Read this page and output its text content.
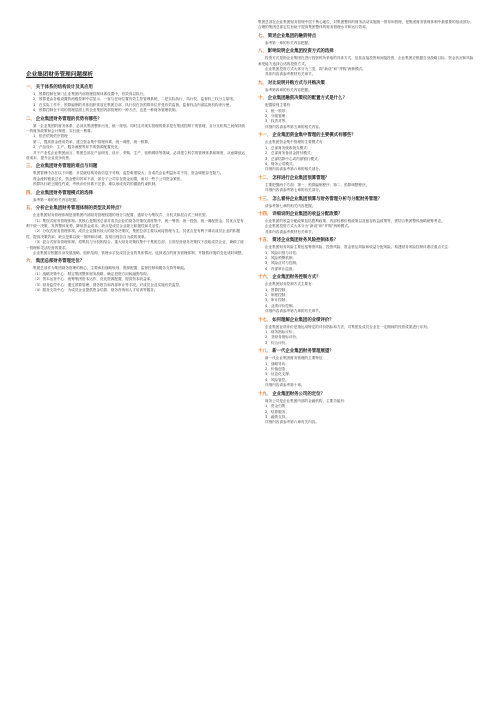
企业集团财务管理问题探析
一、关于体系的结构设计及其应用

1．预算控制在第门企业集团内部管理控制体系设置中，有效得以执行。

2．预算是由各级设置的两级控制中层显示，一直与任何位置有效主控管理系统，二是实际执行，执行权、监督权三权分立原则。

3．在实际工作中，预算编制的具体组织常放在集团总部，执行权在各预算单位并受有效监督，监督权由内部监督机构来行使。

4．预算控制在不同的管理层面上的企业集团内部管理的一种方法，也是一种财务管理机制。

二、企业集团财务管理的优势有哪些？

第一企业集团的财务体系，必须从集团整体出发，统一规划。同时这对现实管理的要求是在集团控制下的管理，各分支机构之间保持统一的财务政策和会计制度，实行统一核算。

1．依法依规依序管理

第二，提高资金使用效率，建立资金集中管理体系，统一调度，统一核算。

2．产品设计、生产、服务流程等环节的资源配置优化。

对于产业性企业集团而言，集团总部在产品研发、设计、采购、生产、营销网络等领域，必须建立科学的管理体系和制度，从而降低运营成本，提升企业竞争优势。

三、企业集团财务管理的难点与问题

集团管理中存在以下问题：多层级结构导致信息不对称，监控难度较大；各成员企业利益诉求不同，资金调配存在阻力。

资金流转链条过长，资金使用效率不高，部分子公司存在资金闲置，而另一些子公司资金紧张。

预算执行缺乏刚性约束，考核评价体系不完善，难以形成有效的激励约束机制。

四、企业集团财务管理模式的选择

参考第一章的有关内容把握。

五、分析企业集团财务管理体制的类型及其特点？

企业集团财务管理体制是指集团内部财务管理权限的划分与配置，通常分为集权式、分权式和混合式三种类型。

（1）集权式财务管理体制。其核心是集团总部对成员企业的财务决策权高度集中，统一筹资、统一投资、统一调配资金。其优点是有利于统一决策，发挥整体优势，降低资金成本；缺点是成员企业缺乏积极性和灵活性。

（2）分权式财务管理体制。成员企业拥有较大的财务决策权，集团总部主要以间接管理为主。其优点是有利于调动成员企业的积极性，提高决策效率；缺点是难以统一指挥和协调，容易出现各自为政的现象。

（3）混合式财务管理体制。将集权与分权相结合，重大财务决策权集中于集团总部，日常经营财务决策权下放给成员企业，兼顾了统一管理和灵活经营的要求。

企业集团应根据自身发展战略、组织结构、管理水平及成员企业的具体情况，选择适合的财务管理体制，并随着环境的变化适时调整。

六、集团总部财务管理定位？

集团总部作为集团财务管理的核心，主要承担战略规划、资源配置、监督控制和服务支持等职能。

（1）战略决策中心：制定集团整体财务战略，确定投资方向和融资结构。

（2）资本运营中心：统筹集团资本运作，优化资源配置，提高资本收益率。

（3）财务监控中心：通过预算管理、财务报告和内部审计等手段，对成员企业实施有效监控。

（4）服务支持中心：为成员企业提供资金结算、财务咨询和人才培训等服务。

集团总部在企业集团财务管理中居于核心地位，对集团整体的财务活动实施统一领导和管理，是集团财务管理体制中最重要的组成部分。合理的集团总部定位有助于提高集团整体的财务管理水平和运行效率。

七、简述企业集团的融资特点

参考第一章的有关内容把握。

八、影响说明企业集团投资方式的选择

投资方式是指企业集团在进行投资时所采取的具体方式，包括直接投资和间接投资，企业集团应根据自身战略目标、资金状况和风险承受能力选择合适的投资方式。

企业集团投资方式大体分为三类，即“新设”和“并购”两种模式。

具体内容请参考教材有关章节。

九、对比说明并购方式与并购决策

参考第四章的有关内容把握。

十、企业集团融资决策权的配置方式是什么？

配置原则主要有：

1．统一领导；

2．分级管理；

3．权责对等。

详细内容请参考第五章的相关内容。

十一、企业集团资金集中管理的主要模式有哪些？

企业集团资金集中管理的主要模式有：

1．总部财务统收统支模式；

2．总部财务备用金拨付模式；

3．总部结算中心或内部银行模式；

4．财务公司模式。

详细内容请参考第六章的相关部分。

十二、怎样进行企业集团预算管理？

主要把握两个方面：第一，预算编制程序；第二，预算调整程序。

详细内容请参考第七章的有关部分。

十三、怎么看待企业集团预算与财务管理分析与分配财务管理？

请参考第七章的相关内容把握。

十四、详细说明企业集团的收益分配政策？

企业集团的收益分配政策包括股利政策、内部转移价格政策以及留存收益政策等，需结合集团整体战略统筹考虑。

企业集团投资方式大体分为“新设”和“并购”两种模式。

具体内容请参考教材有关章节。

十五、简述企业集团财务风险控制体系？

企业集团财务风险主要包括筹资风险、投资风险、资金营运风险和收益分配风险。构建财务风险控制体系应重点关注：

1．风险识别与评估；

2．风险预警机制；

3．风险应对与控制；

4．内部审计监督。

十六、企业集团财务控制方式？

企业集团财务控制方式主要有：

1．预算控制；

2．制度控制；

3．审计控制；

4．业绩评价控制。

详细内容请参考第九章的有关章节。

十七、如何理解企业集团的业绩评价？

企业集团业绩评价是指运用特定的评价指标和方法，对集团及成员企业在一定期间的经营成果进行评判。

1．财务指标评价；

2．非财务指标评价；

3．综合评价。

十八、新一代企业集团财务管理展望？

新一代企业集团财务管理的主要特征：

1．战略导向；

2．价值创造；

3．信息化支撑；

4．风险管控。

详细内容请参考第十章。

十九、企业集团财务公司的定位？

财务公司是企业集团内部的金融机构，主要功能有：

1．资金归集；

2．结算服务；

3．融资支持。

详细内容请参考第六章有关内容。
